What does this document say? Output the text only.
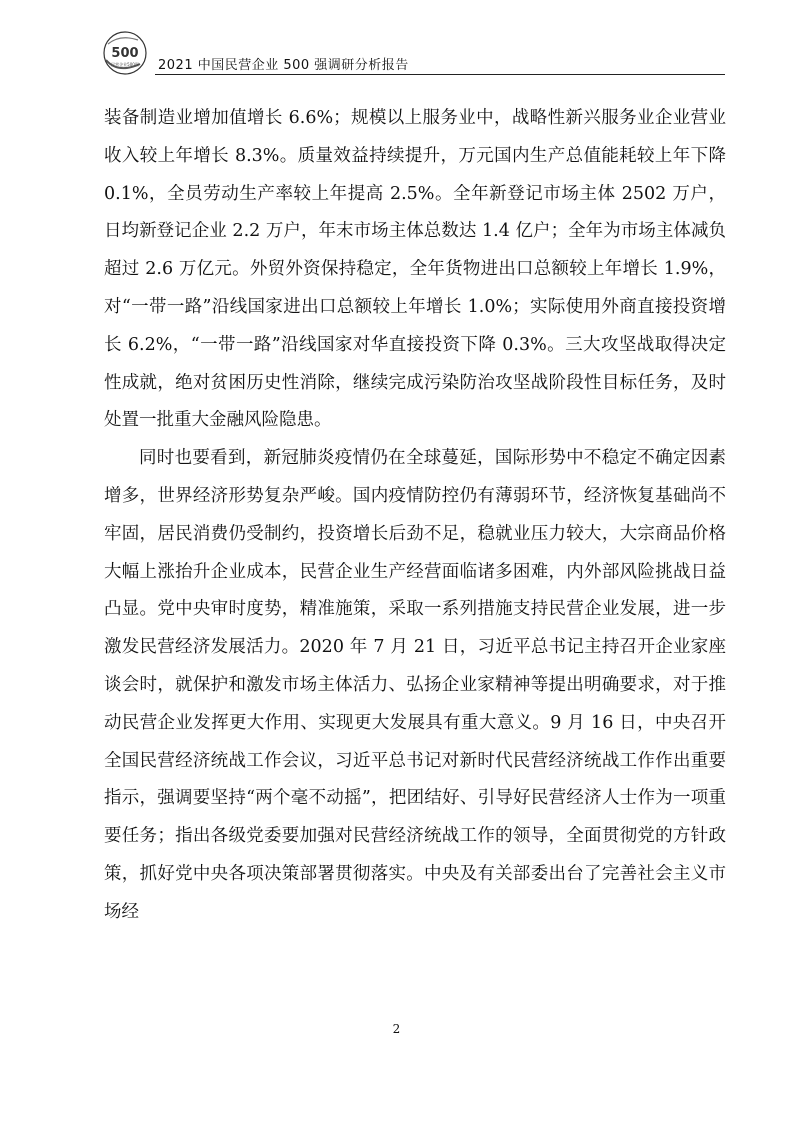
500
民营企业500强 2021 中国民营企业 500 强调研分析报告

装备制造业增加值增长 6.6%；规模以上服务业中，战略性新兴服务业企业营业收入较上年增长 8.3%。质量效益持续提升，万元国内生产总值能耗较上年下降 0.1%，全员劳动生产率较上年提高 2.5%。全年新登记市场主体 2502 万户，日均新登记企业 2.2 万户，年末市场主体总数达 1.4 亿户；全年为市场主体减负超过 2.6 万亿元。外贸外资保持稳定，全年货物进出口总额较上年增长 1.9%，对“一带一路”沿线国家进出口总额较上年增长 1.0%；实际使用外商直接投资增长 6.2%，“一带一路”沿线国家对华直接投资下降 0.3%。三大攻坚战取得决定性成就，绝对贫困历史性消除，继续完成污染防治攻坚战阶段性目标任务，及时处置一批重大金融风险隐患。

同时也要看到，新冠肺炎疫情仍在全球蔓延，国际形势中不稳定不确定因素增多，世界经济形势复杂严峻。国内疫情防控仍有薄弱环节，经济恢复基础尚不牢固，居民消费仍受制约，投资增长后劲不足，稳就业压力较大，大宗商品价格大幅上涨抬升企业成本，民营企业生产经营面临诸多困难，内外部风险挑战日益凸显。党中央审时度势，精准施策，采取一系列措施支持民营企业发展，进一步激发民营经济发展活力。2020 年 7 月 21 日，习近平总书记主持召开企业家座谈会时，就保护和激发市场主体活力、弘扬企业家精神等提出明确要求，对于推动民营企业发挥更大作用、实现更大发展具有重大意义。9 月 16 日，中央召开全国民营经济统战工作会议，习近平总书记对新时代民营经济统战工作作出重要指示，强调要坚持“两个毫不动摇”，把团结好、引导好民营经济人士作为一项重要任务；指出各级党委要加强对民营经济统战工作的领导，全面贯彻党的方针政策，抓好党中央各项决策部署贯彻落实。中央及有关部委出台了完善社会主义市场经

2
